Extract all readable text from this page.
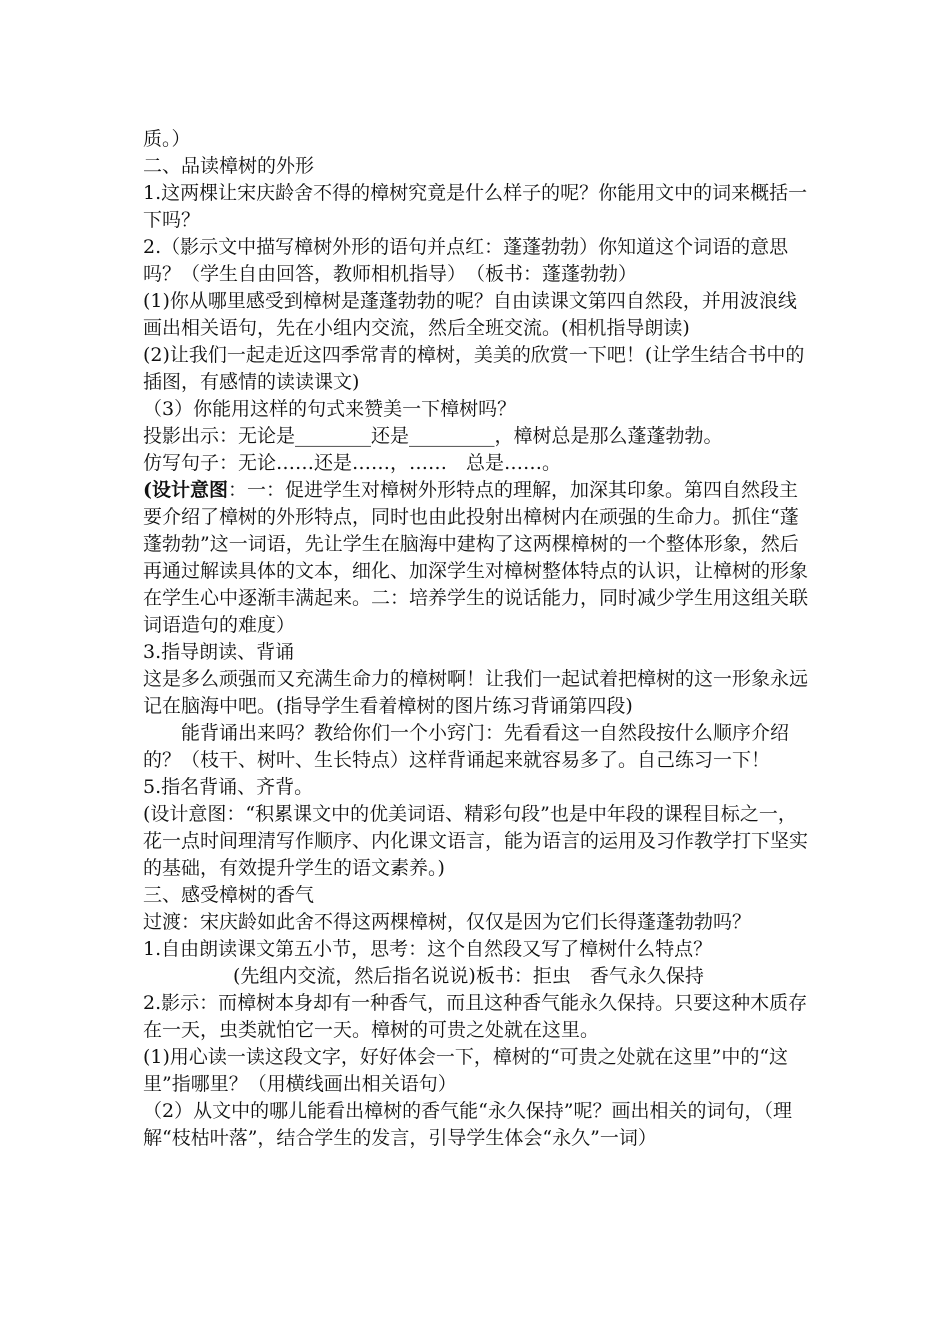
质。）

二、品读樟树的外形

1.这两棵让宋庆龄舍不得的樟树究竟是什么样子的呢？你能用文中的词来概括一下吗？

2.（影示文中描写樟树外形的语句并点红：蓬蓬勃勃）你知道这个词语的意思吗？（学生自由回答，教师相机指导）　（板书：蓬蓬勃勃）

(1)你从哪里感受到樟树是蓬蓬勃勃的呢？自由读课文第四自然段，并用波浪线画出相关语句，先在小组内交流，然后全班交流。(相机指导朗读)

(2)让我们一起走近这四季常青的樟树，美美的欣赏一下吧！(让学生结合书中的插图，有感情的读读课文)

（3）你能用这样的句式来赞美一下樟树吗？

投影出示：无论是________还是_________，樟树总是那么蓬蓬勃勃。

仿写句子：无论……还是……，……　总是……。

(设计意图：一：促进学生对樟树外形特点的理解，加深其印象。第四自然段主要介绍了樟树的外形特点，同时也由此投射出樟树内在顽强的生命力。抓住“蓬蓬勃勃”这一词语，先让学生在脑海中建构了这两棵樟树的一个整体形象，然后再通过解读具体的文本，细化、加深学生对樟树整体特点的认识，让樟树的形象在学生心中逐渐丰满起来。二：培养学生的说话能力，同时减少学生用这组关联词语造句的难度）

3.指导朗读、背诵

这是多么顽强而又充满生命力的樟树啊！让我们一起试着把樟树的这一形象永远记在脑海中吧。(指导学生看着樟树的图片练习背诵第四段)

能背诵出来吗？教给你们一个小窍门：先看看这一自然段按什么顺序介绍的？（枝干、树叶、生长特点）这样背诵起来就容易多了。自己练习一下！

5.指名背诵、齐背。

(设计意图：“积累课文中的优美词语、精彩句段”也是中年段的课程目标之一，花一点时间理清写作顺序、内化课文语言，能为语言的运用及习作教学打下坚实的基础，有效提升学生的语文素养。)

三、感受樟树的香气

过渡：宋庆龄如此舍不得这两棵樟树，仅仅是因为它们长得蓬蓬勃勃吗？

1.自由朗读课文第五小节，思考：这个自然段又写了樟树什么特点？

(先组内交流，然后指名说说)板书：拒虫　香气永久保持

2.影示：而樟树本身却有一种香气，而且这种香气能永久保持。只要这种木质存在一天，虫类就怕它一天。樟树的可贵之处就在这里。

(1)用心读一读这段文字，好好体会一下，樟树的“可贵之处就在这里”中的“这里”指哪里？（用横线画出相关语句）

（2）从文中的哪儿能看出樟树的香气能“永久保持”呢？画出相关的词句，（理解“枝枯叶落”，结合学生的发言，引导学生体会“永久”一词）
